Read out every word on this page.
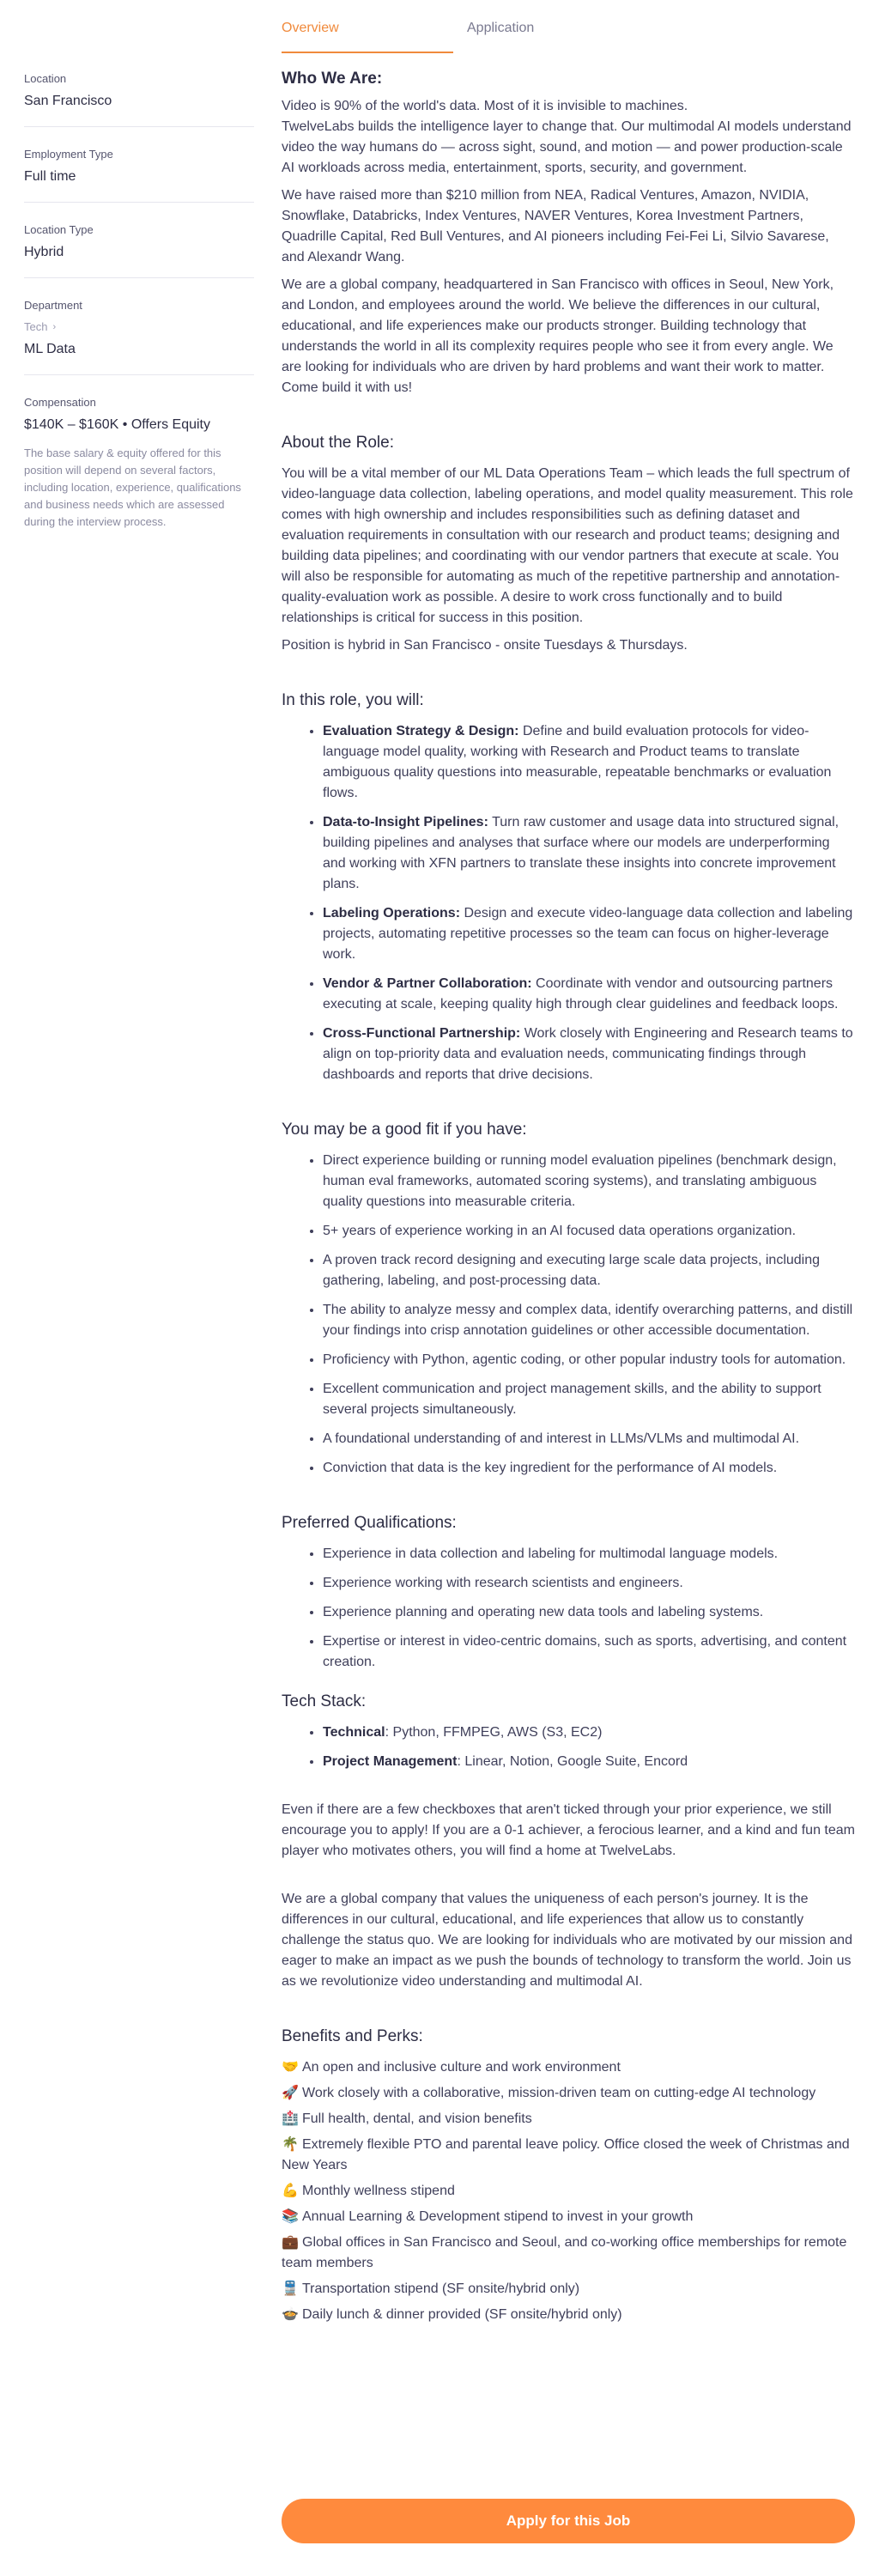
Overview	Application
Location
San Francisco
Employment Type
Full time
Location Type
Hybrid
Department
Tech ›
ML Data
Compensation
$140K – $160K • Offers Equity
The base salary & equity offered for this position will depend on several factors, including location, experience, qualifications and business needs which are assessed during the interview process.
Who We Are:

Video is 90% of the world's data. Most of it is invisible to machines.

TwelveLabs builds the intelligence layer to change that. Our multimodal AI models understand video the way humans do — across sight, sound, and motion — and power production-scale AI workloads across media, entertainment, sports, security, and government.

We have raised more than $210 million from NEA, Radical Ventures, Amazon, NVIDIA, Snowflake, Databricks, Index Ventures, NAVER Ventures, Korea Investment Partners, Quadrille Capital, Red Bull Ventures, and AI pioneers including Fei-Fei Li, Silvio Savarese, and Alexandr Wang.

We are a global company, headquartered in San Francisco with offices in Seoul, New York, and London, and employees around the world. We believe the differences in our cultural, educational, and life experiences make our products stronger. Building technology that understands the world in all its complexity requires people who see it from every angle. We are looking for individuals who are driven by hard problems and want their work to matter. Come build it with us!

About the Role:

You will be a vital member of our ML Data Operations Team – which leads the full spectrum of video-language data collection, labeling operations, and model quality measurement. This role comes with high ownership and includes responsibilities such as defining dataset and evaluation requirements in consultation with our research and product teams; designing and building data pipelines; and coordinating with our vendor partners that execute at scale. You will also be responsible for automating as much of the repetitive partnership and annotation-quality-evaluation work as possible. A desire to work cross functionally and to build relationships is critical for success in this position.

Position is hybrid in San Francisco - onsite Tuesdays & Thursdays.

In this role, you will:
• Evaluation Strategy & Design: Define and build evaluation protocols for video-language model quality, working with Research and Product teams to translate ambiguous quality questions into measurable, repeatable benchmarks or evaluation flows.
• Data-to-Insight Pipelines: Turn raw customer and usage data into structured signal, building pipelines and analyses that surface where our models are underperforming and working with XFN partners to translate these insights into concrete improvement plans.
• Labeling Operations: Design and execute video-language data collection and labeling projects, automating repetitive processes so the team can focus on higher-leverage work.
• Vendor & Partner Collaboration: Coordinate with vendor and outsourcing partners executing at scale, keeping quality high through clear guidelines and feedback loops.
• Cross-Functional Partnership: Work closely with Engineering and Research teams to align on top-priority data and evaluation needs, communicating findings through dashboards and reports that drive decisions.
You may be a good fit if you have:
• Direct experience building or running model evaluation pipelines (benchmark design, human eval frameworks, automated scoring systems), and translating ambiguous quality questions into measurable criteria.
• 5+ years of experience working in an AI focused data operations organization.
• A proven track record designing and executing large scale data projects, including gathering, labeling, and post-processing data.
• The ability to analyze messy and complex data, identify overarching patterns, and distill your findings into crisp annotation guidelines or other accessible documentation.
• Proficiency with Python, agentic coding, or other popular industry tools for automation.
• Excellent communication and project management skills, and the ability to support several projects simultaneously.
• A foundational understanding of and interest in LLMs/VLMs and multimodal AI.
• Conviction that data is the key ingredient for the performance of AI models.
Preferred Qualifications:
• Experience in data collection and labeling for multimodal language models.
• Experience working with research scientists and engineers.
• Experience planning and operating new data tools and labeling systems.
• Expertise or interest in video-centric domains, such as sports, advertising, and content creation.
Tech Stack:
• Technical: Python, FFMPEG, AWS (S3, EC2)
• Project Management: Linear, Notion, Google Suite, Encord

Even if there are a few checkboxes that aren't ticked through your prior experience, we still encourage you to apply! If you are a 0-1 achiever, a ferocious learner, and a kind and fun team player who motivates others, you will find a home at TwelveLabs.

We are a global company that values the uniqueness of each person's journey. It is the differences in our cultural, educational, and life experiences that allow us to constantly challenge the status quo. We are looking for individuals who are motivated by our mission and eager to make an impact as we push the bounds of technology to transform the world. Join us as we revolutionize video understanding and multimodal AI.

Benefits and Perks:
🤝 An open and inclusive culture and work environment
🚀 Work closely with a collaborative, mission-driven team on cutting-edge AI technology
🏥 Full health, dental, and vision benefits
🌴 Extremely flexible PTO and parental leave policy. Office closed the week of Christmas and New Years
💪 Monthly wellness stipend
📚 Annual Learning & Development stipend to invest in your growth
💼 Global offices in San Francisco and Seoul, and co-working office memberships for remote team members
🚆 Transportation stipend (SF onsite/hybrid only)
🍲 Daily lunch & dinner provided (SF onsite/hybrid only)
Apply for this Job
